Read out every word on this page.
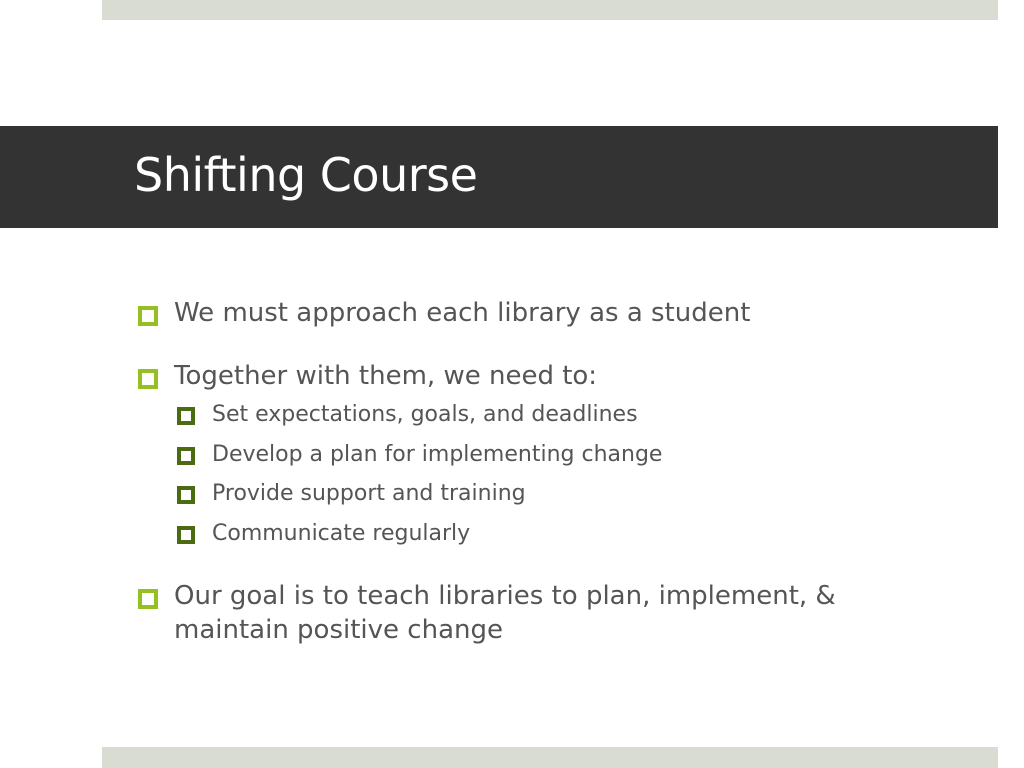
Shifting Course
We must approach each library as a student
Together with them, we need to:
Set expectations, goals, and deadlines
Develop a plan for implementing change
Provide support and training
Communicate regularly
Our goal is to teach libraries to plan, implement, & maintain positive change
